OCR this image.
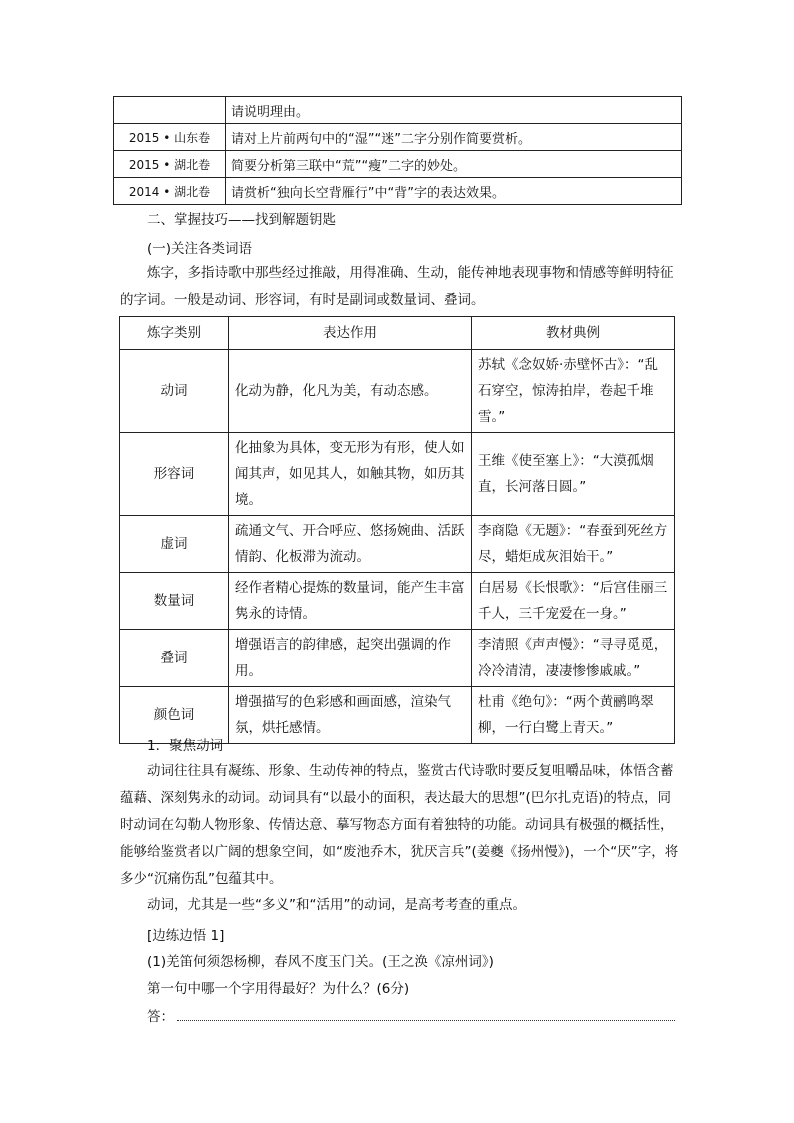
	请说明理由。
2015 • 山东卷	请对上片前两句中的“湿”“迷”二字分别作简要赏析。
2015 • 湖北卷	简要分析第三联中“荒”“瘦”二字的妙处。
2014 • 湖北卷	请赏析“独向长空背雁行”中“背”字的表达效果。
二、掌握技巧——找到解题钥匙
(一)关注各类词语

炼字，多指诗歌中那些经过推敲，用得准确、生动，能传神地表现事物和情感等鲜明特征的字词。一般是动词、形容词，有时是副词或数量词、叠词。

炼字类别	表达作用	教材典例
动词	化动为静，化凡为美，有动态感。	苏轼《念奴娇·赤壁怀古》：“乱石穿空，惊涛拍岸，卷起千堆雪。”
形容词	化抽象为具体，变无形为有形，使人如闻其声，如见其人，如触其物，如历其境。	王维《使至塞上》：“大漠孤烟直，长河落日圆。”
虚词	疏通文气、开合呼应、悠扬婉曲、活跃情韵、化板滞为流动。	李商隐《无题》：“春蚕到死丝方尽，蜡炬成灰泪始干。”
数量词	经作者精心提炼的数量词，能产生丰富隽永的诗情。	白居易《长恨歌》：“后宫佳丽三千人，三千宠爱在一身。”
叠词	增强语言的韵律感，起突出强调的作用。	李清照《声声慢》：“寻寻觅觅，冷冷清清，凄凄惨惨戚戚。”
颜色词	增强描写的色彩感和画面感，渲染气氛，烘托感情。	杜甫《绝句》：“两个黄鹂鸣翠柳，一行白鹭上青天。”
1．聚焦动词

动词往往具有凝练、形象、生动传神的特点，鉴赏古代诗歌时要反复咀嚼品味，体悟含蓄蕴藉、深刻隽永的动词。动词具有“以最小的面积，表达最大的思想”(巴尔扎克语)的特点，同时动词在勾勒人物形象、传情达意、摹写物态方面有着独特的功能。动词具有极强的概括性，能够给鉴赏者以广阔的想象空间，如“废池乔木，犹厌言兵”(姜夔《扬州慢》)，一个“厌”字，将多少“沉痛伤乱”包蕴其中。

动词，尤其是一些“多义”和“活用”的动词，是高考考查的重点。

[边练边悟 1]
(1)羌笛何须怨杨柳，春风不度玉门关。(王之涣《凉州词》)
第一句中哪一个字用得最好？为什么？(6分)
答：
